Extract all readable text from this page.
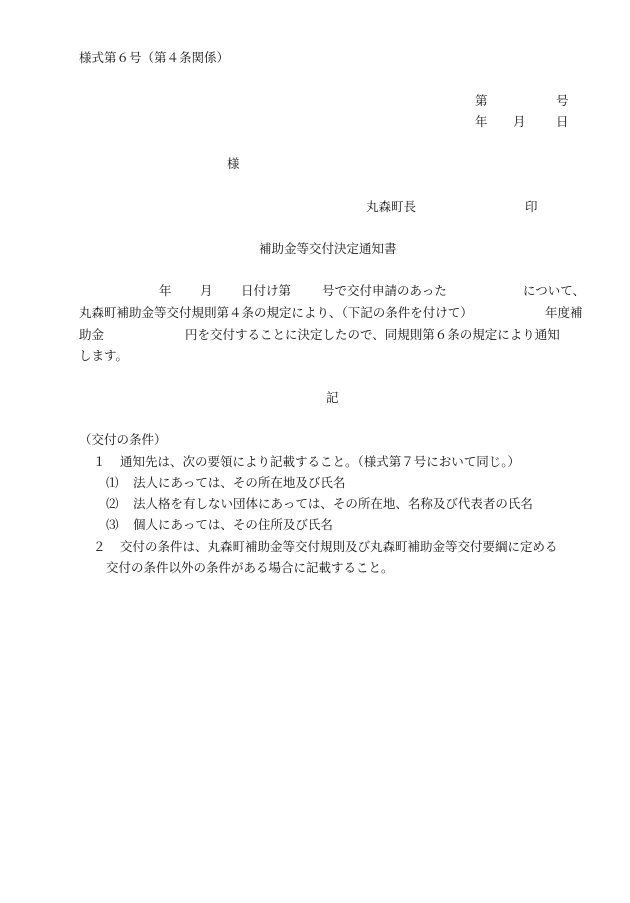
様式第６号（第４条関係）
第	号
年 月 日
様
丸森町長	印
補助金等交付決定通知書
年 月 日付け第 号で交付申請のあった	について、
丸森町補助金等交付規則第４条の規定により、（下記の条件を付けて）	年度補
助金	円を交付することに決定したので、同規則第６条の規定により通知
します。
記
（交付の条件）
１ 通知先は、次の要領により記載すること。（様式第７号において同じ。）
⑴ 法人にあっては、その所在地及び氏名
⑵ 法人格を有しない団体にあっては、その所在地、名称及び代表者の氏名
⑶ 個人にあっては、その住所及び氏名
２ 交付の条件は、丸森町補助金等交付規則及び丸森町補助金等交付要綱に定める
交付の条件以外の条件がある場合に記載すること。
